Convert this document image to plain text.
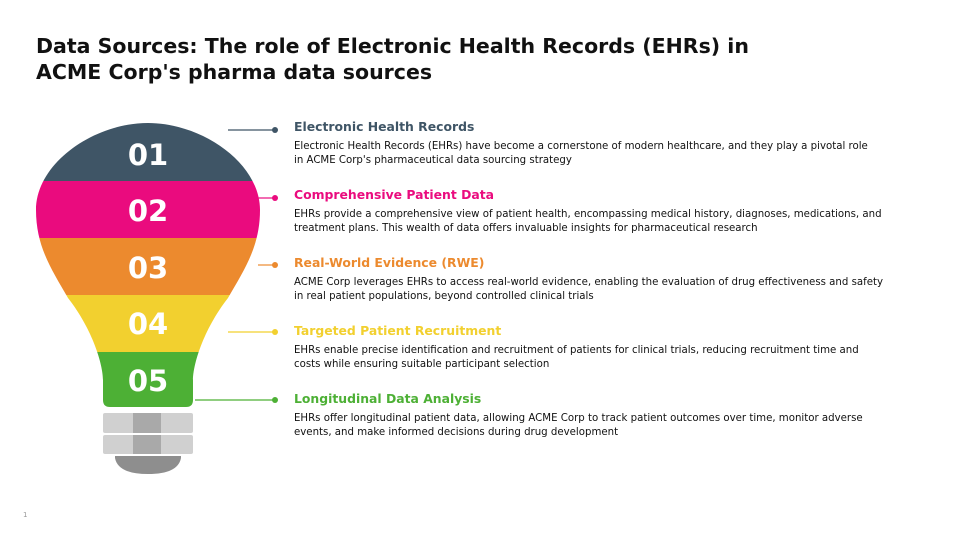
Data Sources: The role of Electronic Health Records (EHRs) in
ACME Corp's pharma data sources
01
02
03
04
05
Electronic Health Records
Electronic Health Records (EHRs) have become a cornerstone of modern healthcare, and they play a pivotal role
in ACME Corp's pharmaceutical data sourcing strategy
Comprehensive Patient Data
EHRs provide a comprehensive view of patient health, encompassing medical history, diagnoses, medications, and
treatment plans. This wealth of data offers invaluable insights for pharmaceutical research
Real-World Evidence (RWE)
ACME Corp leverages EHRs to access real-world evidence, enabling the evaluation of drug effectiveness and safety
in real patient populations, beyond controlled clinical trials
Targeted Patient Recruitment
EHRs enable precise identification and recruitment of patients for clinical trials, reducing recruitment time and
costs while ensuring suitable participant selection
Longitudinal Data Analysis
EHRs offer longitudinal patient data, allowing ACME Corp to track patient outcomes over time, monitor adverse
events, and make informed decisions during drug development
1
